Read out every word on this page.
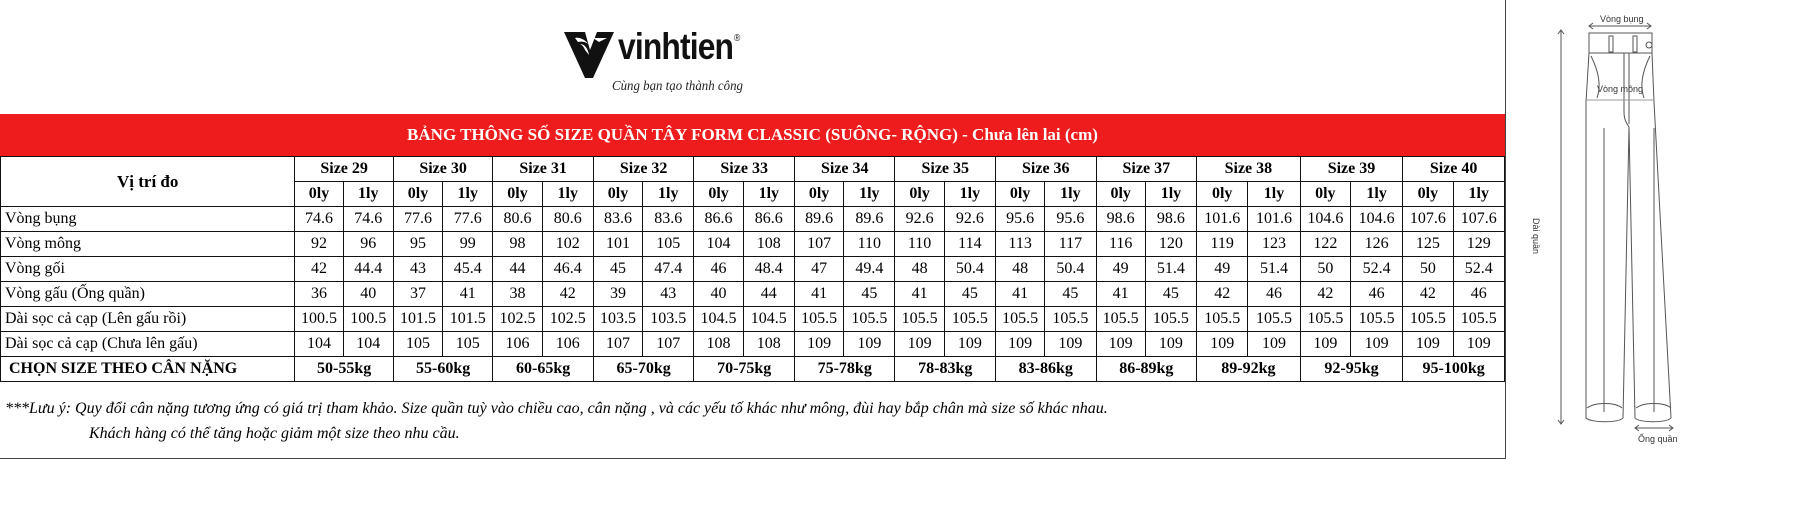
vinhtien®
Cùng bạn tạo thành công
BẢNG THÔNG SỐ SIZE QUẦN TÂY FORM CLASSIC (SUÔNG- RỘNG) - Chưa lên lai (cm)
Vị trí đo	Size 29		Size 30		Size 31		Size 32		Size 33		Size 34		Size 35		Size 36		Size 37		Size 38		Size 39		Size 40	
	0ly	1ly	0ly	1ly	0ly	1ly	0ly	1ly	0ly	1ly	0ly	1ly	0ly	1ly	0ly	1ly	0ly	1ly	0ly	1ly	0ly	1ly	0ly	1ly
Vòng bụng	74.6	74.6	77.6	77.6	80.6	80.6	83.6	83.6	86.6	86.6	89.6	89.6	92.6	92.6	95.6	95.6	98.6	98.6	101.6	101.6	104.6	104.6	107.6	107.6
Vòng mông	92	96	95	99	98	102	101	105	104	108	107	110	110	114	113	117	116	120	119	123	122	126	125	129
Vòng gối	42	44.4	43	45.4	44	46.4	45	47.4	46	48.4	47	49.4	48	50.4	48	50.4	49	51.4	49	51.4	50	52.4	50	52.4
Vòng gấu (Ống quần)	36	40	37	41	38	42	39	43	40	44	41	45	41	45	41	45	41	45	42	46	42	46	42	46
Dài sọc cả cạp (Lên gấu rồi)	100.5	100.5	101.5	101.5	102.5	102.5	103.5	103.5	104.5	104.5	105.5	105.5	105.5	105.5	105.5	105.5	105.5	105.5	105.5	105.5	105.5	105.5	105.5	105.5
Dài sọc cả cạp (Chưa lên gấu)	104	104	105	105	106	106	107	107	108	108	109	109	109	109	109	109	109	109	109	109	109	109	109	109
CHỌN SIZE THEO CÂN NẶNG	50-55kg		55-60kg		60-65kg		65-70kg		70-75kg		75-78kg		78-83kg		83-86kg		86-89kg		89-92kg		92-95kg		95-100kg	
***Lưu ý: Quy đổi cân nặng tương ứng có giá trị tham khảo. Size quần tuỳ vào chiều cao, cân nặng , và các yếu tố khác như mông, đùi hay bắp chân mà size số khác nhau.
Khách hàng có thể tăng hoặc giảm một size theo nhu cầu.
Vòng bụng
Vòng mông
Dài quần
Ống quần
